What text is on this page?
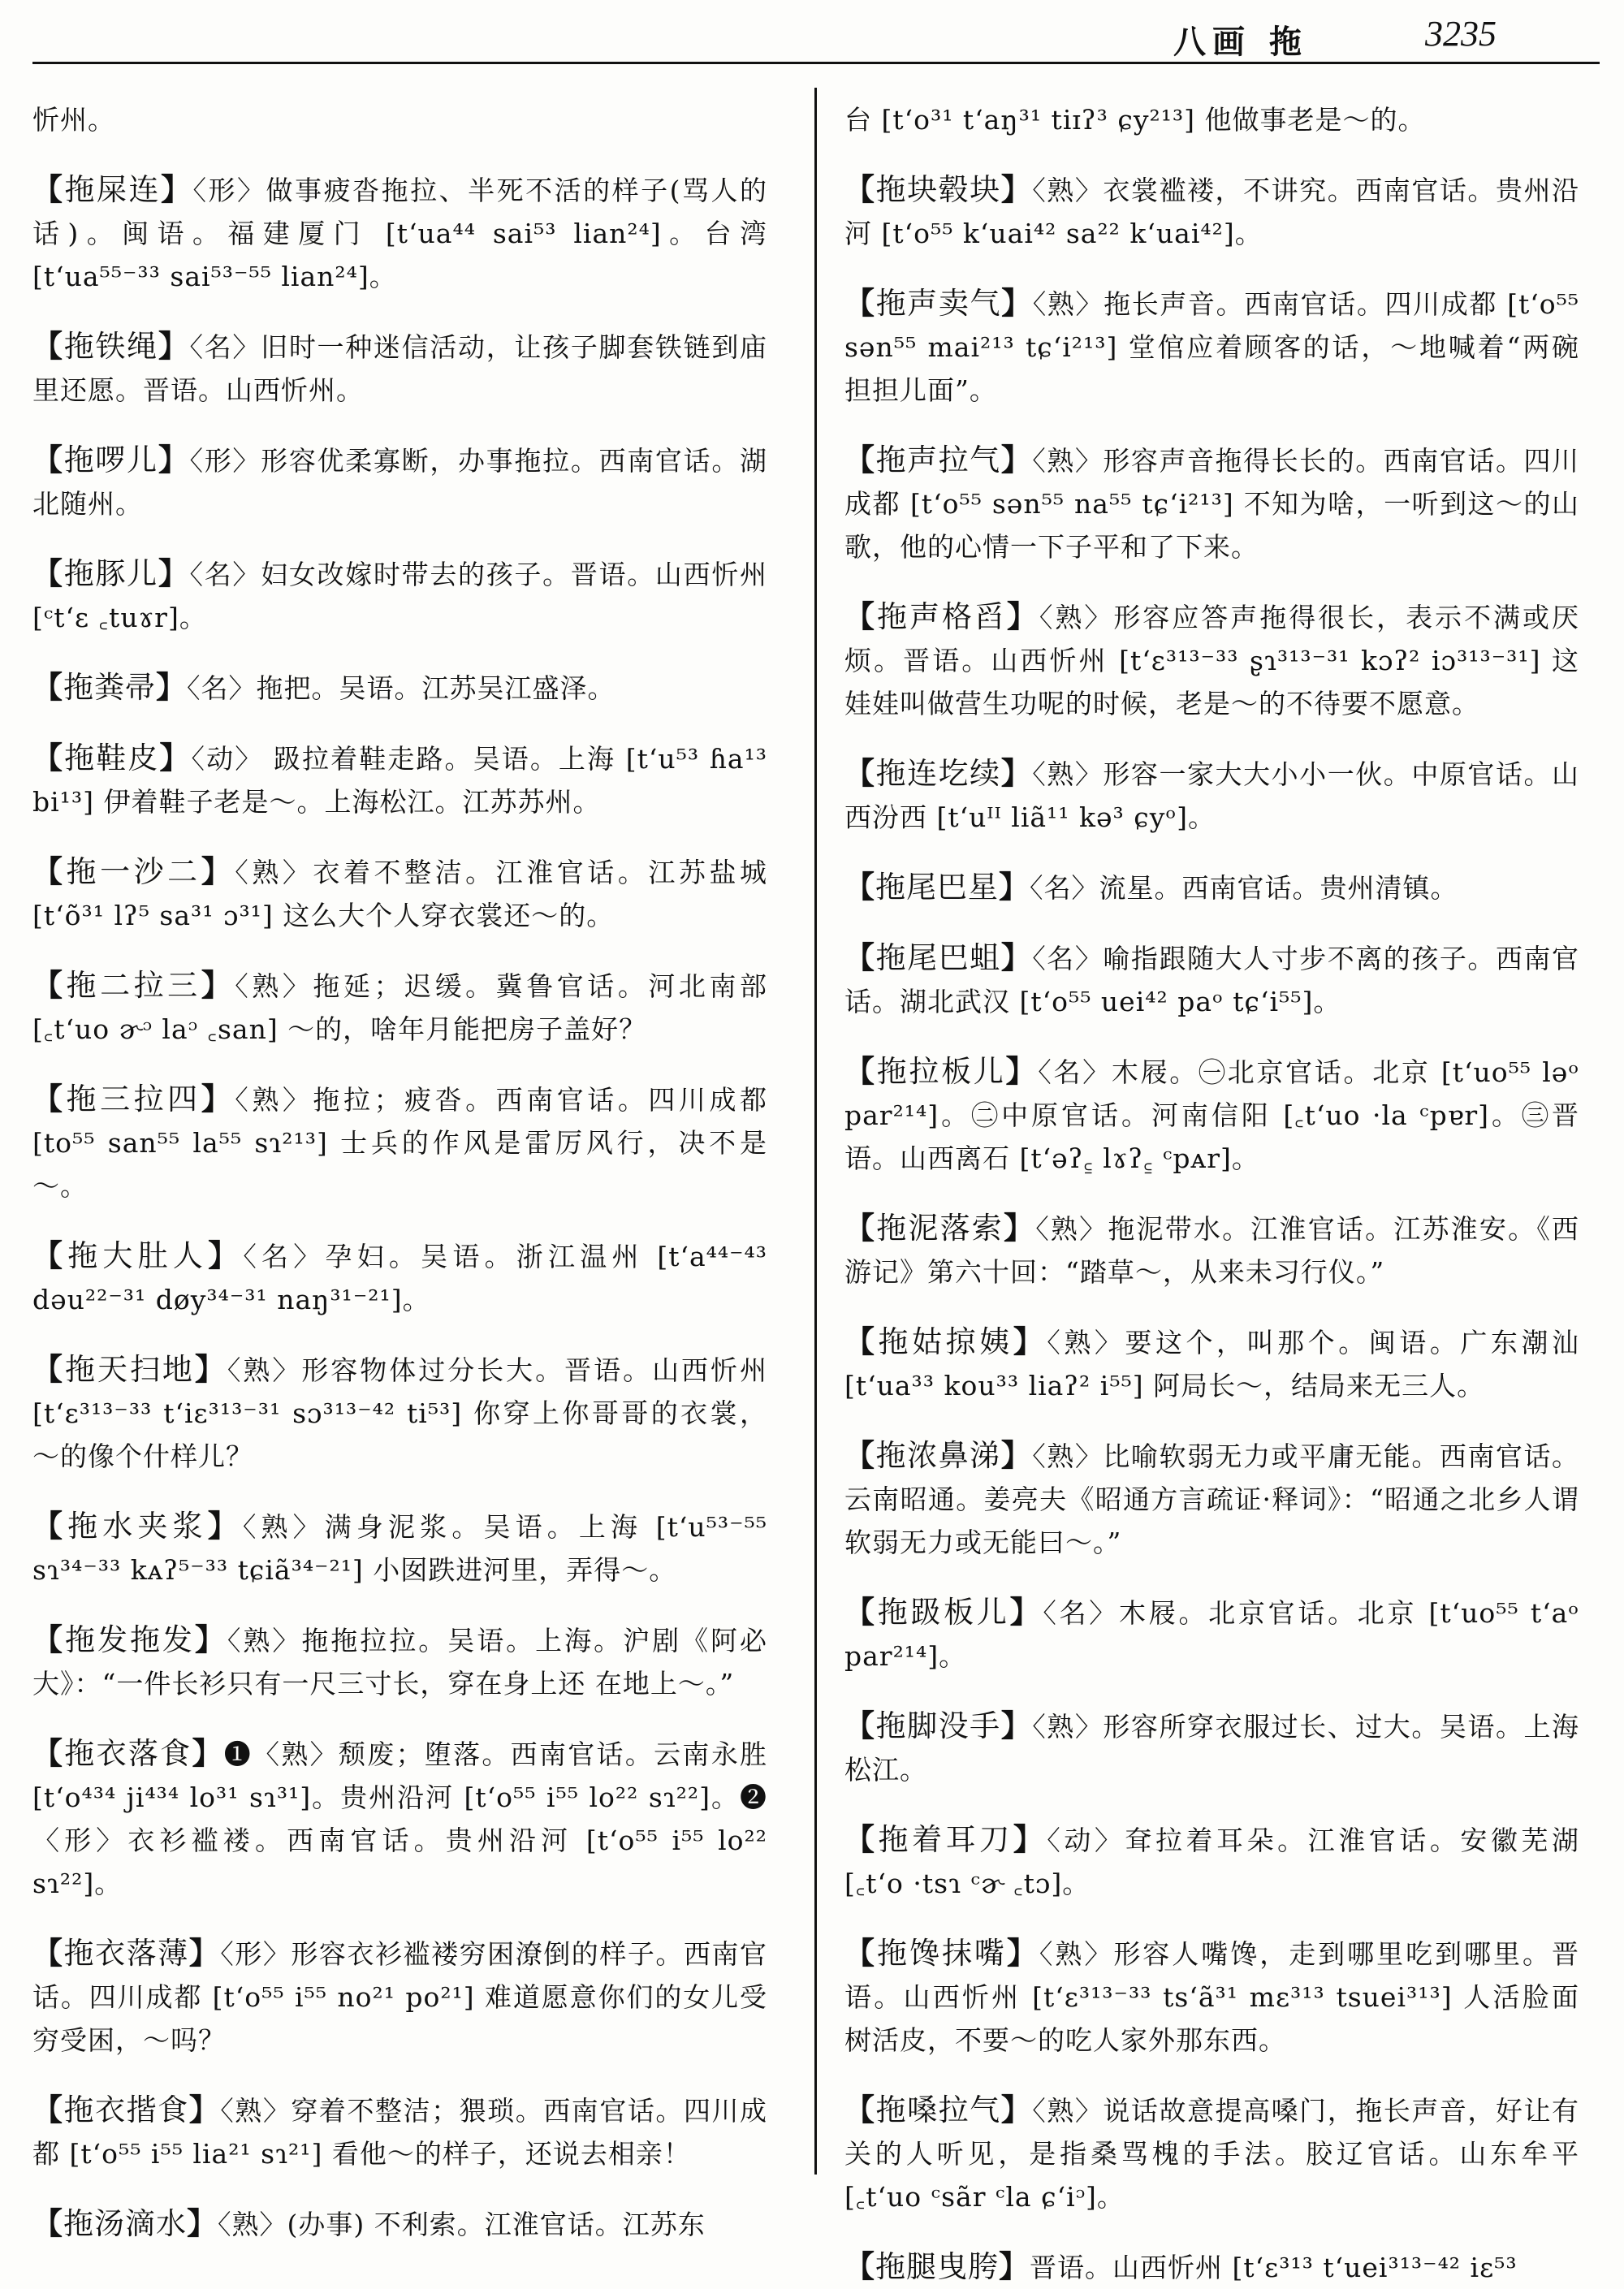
八画 拖	3235

忻州。

【拖屎连】〈形〉做事疲沓拖拉、半死不活的样子(骂人的话)。闽语。福建厦门 [t‘ua⁴⁴ sai⁵³ lian²⁴]。台湾 [t‘ua⁵⁵⁻³³ sai⁵³⁻⁵⁵ lian²⁴]。

【拖铁绳】〈名〉旧时一种迷信活动，让孩子脚套铁链到庙里还愿。晋语。山西忻州。

【拖啰儿】〈形〉形容优柔寡断，办事拖拉。西南官话。湖北随州。

【拖豚儿】〈名〉妇女改嫁时带去的孩子。晋语。山西忻州 [ᶜt‘ɛ ꜀tuɤr]。

【拖粪帚】〈名〉拖把。吴语。江苏吴江盛泽。

【拖鞋皮】〈动〉 趿拉着鞋走路。吴语。上海 [t‘u⁵³ ɦa¹³ bi¹³] 伊着鞋子老是～。上海松江。江苏苏州。

【拖一沙二】〈熟〉衣着不整洁。江淮官话。江苏盐城 [t‘õ³¹ lʔ⁵ sa³¹ ɔ³¹] 这么大个人穿衣裳还～的。

【拖二拉三】〈熟〉拖延；迟缓。冀鲁官话。河北南部 [꜀t‘uo ɚᵓ laᵓ ꜀san] ～的，啥年月能把房子盖好？

【拖三拉四】〈熟〉拖拉；疲沓。西南官话。四川成都 [to⁵⁵ san⁵⁵ la⁵⁵ sɿ²¹³] 士兵的作风是雷厉风行，决不是～。

【拖大肚人】〈名〉孕妇。吴语。浙江温州 [t‘a⁴⁴⁻⁴³ dəu²²⁻³¹ døy³⁴⁻³¹ naŋ³¹⁻²¹]。

【拖天扫地】〈熟〉形容物体过分长大。晋语。山西忻州 [t‘ɛ³¹³⁻³³ t‘iɛ³¹³⁻³¹ sɔ³¹³⁻⁴² ti⁵³] 你穿上你哥哥的衣裳，～的像个什样儿？

【拖水夹浆】〈熟〉满身泥浆。吴语。上海 [t‘u⁵³⁻⁵⁵ sɿ³⁴⁻³³ kᴀʔ⁵⁻³³ tɕiã³⁴⁻²¹] 小囡跌进河里，弄得～。

【拖发拖发】〈熟〉拖拖拉拉。吴语。上海。沪剧《阿必大》：“一件长衫只有一尺三寸长，穿在身上还 在地上～。”

【拖衣落食】❶〈熟〉颓废；堕落。西南官话。云南永胜 [t‘o⁴³⁴ ji⁴³⁴ lo³¹ sɿ³¹]。贵州沿河 [t‘o⁵⁵ i⁵⁵ lo²² sɿ²²]。❷〈形〉衣衫褴褛。西南官话。贵州沿河 [t‘o⁵⁵ i⁵⁵ lo²² sɿ²²]。

【拖衣落薄】〈形〉形容衣衫褴褛穷困潦倒的样子。西南官话。四川成都 [t‘o⁵⁵ i⁵⁵ no²¹ po²¹] 难道愿意你们的女儿受穷受困，～吗？

【拖衣揩食】〈熟〉穿着不整洁；猥琐。西南官话。四川成都 [t‘o⁵⁵ i⁵⁵ lia²¹ sɿ²¹] 看他～的样子，还说去相亲！

【拖汤滴水】〈熟〉(办事) 不利索。江淮官话。江苏东

台 [t‘o³¹ t‘aŋ³¹ tiɪʔ³ ɕy²¹³] 他做事老是～的。

【拖块毂块】〈熟〉衣裳褴褛，不讲究。西南官话。贵州沿河 [t‘o⁵⁵ k‘uai⁴² sa²² k‘uai⁴²]。

【拖声卖气】〈熟〉拖长声音。西南官话。四川成都 [t‘o⁵⁵ sən⁵⁵ mai²¹³ tɕ‘i²¹³] 堂倌应着顾客的话，～地喊着“两碗担担儿面”。

【拖声拉气】〈熟〉形容声音拖得长长的。西南官话。四川成都 [t‘o⁵⁵ sən⁵⁵ na⁵⁵ tɕ‘i²¹³] 不知为啥，一听到这～的山歌，他的心情一下子平和了下来。

【拖声格舀】〈熟〉形容应答声拖得很长，表示不满或厌烦。晋语。山西忻州 [t‘ɛ³¹³⁻³³ ʂɿ³¹³⁻³¹ kɔʔ² iɔ³¹³⁻³¹] 这娃娃叫做营生功呢的时候，老是～的不待要不愿意。

【拖连圪续】〈熟〉形容一家大大小小一伙。中原官话。山西汾西 [t‘uᴵᴵ liã¹¹ kə³ ɕyᵒ]。

【拖尾巴星】〈名〉流星。西南官话。贵州清镇。

【拖尾巴蛆】〈名〉喻指跟随大人寸步不离的孩子。西南官话。湖北武汉 [t‘o⁵⁵ uei⁴² paᵒ tɕ‘i⁵⁵]。

【拖拉板儿】〈名〉木屐。㊀北京官话。北京 [t‘uo⁵⁵ ləᵒ par²¹⁴]。㊁中原官话。河南信阳 [꜀t‘uo ·la ᶜpɐr]。㊂晋语。山西离石 [t‘əʔ꜁ lɤʔ꜁ ᶜpᴀr]。

【拖泥落索】〈熟〉拖泥带水。江淮官话。江苏淮安。《西游记》第六十回：“踏草～，从来未习行仪。”

【拖姑掠姨】〈熟〉要这个，叫那个。闽语。广东潮汕 [t‘ua³³ kou³³ liaʔ² i⁵⁵] 阿局长～，结局来无三人。

【拖浓鼻涕】〈熟〉比喻软弱无力或平庸无能。西南官话。云南昭通。姜亮夫《昭通方言疏证·释词》：“昭通之北乡人谓软弱无力或无能曰～。”

【拖趿板儿】〈名〉木屐。北京官话。北京 [t‘uo⁵⁵ t‘aᵒ par²¹⁴]。

【拖脚没手】〈熟〉形容所穿衣服过长、过大。吴语。上海松江。

【拖着耳刀】〈动〉耷拉着耳朵。江淮官话。安徽芜湖 [꜀t‘o ·tsɿ ᶜɚ ꜀tɔ]。

【拖馋抹嘴】〈熟〉形容人嘴馋，走到哪里吃到哪里。晋语。山西忻州 [t‘ɛ³¹³⁻³³ ts‘ã³¹ mɛ³¹³ tsuei³¹³] 人活脸面树活皮，不要～的吃人家外那东西。

【拖嗓拉气】〈熟〉说话故意提高嗓门，拖长声音，好让有关的人听见，是指桑骂槐的手法。胶辽官话。山东牟平 [꜀t‘uo ᶜsãr ᶜla ɕ‘iᵓ]。

【拖腿曳胯】晋语。山西忻州 [t‘ɛ³¹³ t‘uei³¹³⁻⁴² iɛ⁵³
